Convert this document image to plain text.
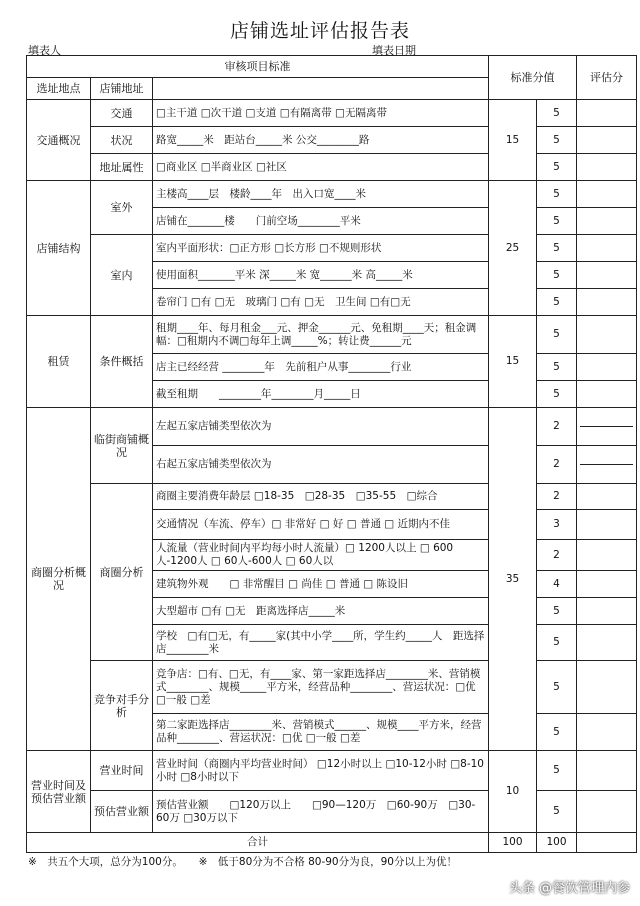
店铺选址评估报告表
填表人	填表日期
审核项目标准			标准分值		评估分
选址地点	店铺地址				
交通概况	交通	□主干道 □次干道 □支道 □有隔离带 □无隔离带	15	5	
	状况	路宽_____米　距站台_____米 公交________路		5	
	地址属性	□商业区 □半商业区 □社区		5	
店铺结构	室外	主楼高____层　楼龄____年　出入口宽____米	25	5	
		店铺在_______楼　　门前空场________平米		5	
	室内	室内平面形状：□正方形 □长方形 □不规则形状		5	
		使用面积_______平米 深_____米 宽______米 高_____米		5	
		卷帘门 □有 □无　玻璃门 □有 □无　卫生间 □有□无		5	
租赁	条件概括	租期____年、每月租金___元、押金______元、免租期____天；租金调幅：□租期内不调□每年上调_____%；转让费______元	15	5	
		店主已经经营 ________年　先前租户从事________行业		5	
		截至租期　　________年________月_____日		5	
商圈分析概况	临街商铺概况	左起五家店铺类型依次为	35	2	

		右起五家店铺类型依次为		2	

	商圈分析	商圈主要消费年龄层 □18-35　□28-35　□35-55　□综合		2	
		交通情况（车流、停车）□ 非常好 □ 好 □ 普通 □ 近期内不佳		3	
		人流量（营业时间内平均每小时人流量）□ 1200人以上 □ 600人-1200人 □ 60人-600人 □ 60人以		2	
		建筑物外观　　□ 非常醒目 □ 尚佳 □ 普通 □ 陈设旧		4	
		大型超市 □有 □无　距离选择店_____米		5	
		学校　□有□无，有_____家(其中小学____所，学生约_____人　距选择店________米		5	
	竞争对手分析	竞争店：□有、□无，有____家、第一家距选择店________米、营销模式________、规模_____平方米，经营品种________、营运状况：□优 □一般 □差		5	
		第二家距选择店________米、营销模式______、规模____平方米，经营品种________、营运状况：□优 □一般 □差		5	
营业时间及预估营业额	营业时间	营业时间（商圈内平均营业时间） □12小时以上 □10-12小时 □8-10小时 □8小时以下	10	5	
	预估营业额	预估营业额　　□120万以上　　□90—120万　□60-90万　□30-60万 □30万以下		5	
合计			100	100	
※　共五个大项，总分为100分。　　※　低于80分为不合格 80-90分为良，90分以上为优！
头条 @餐饮管理内参
